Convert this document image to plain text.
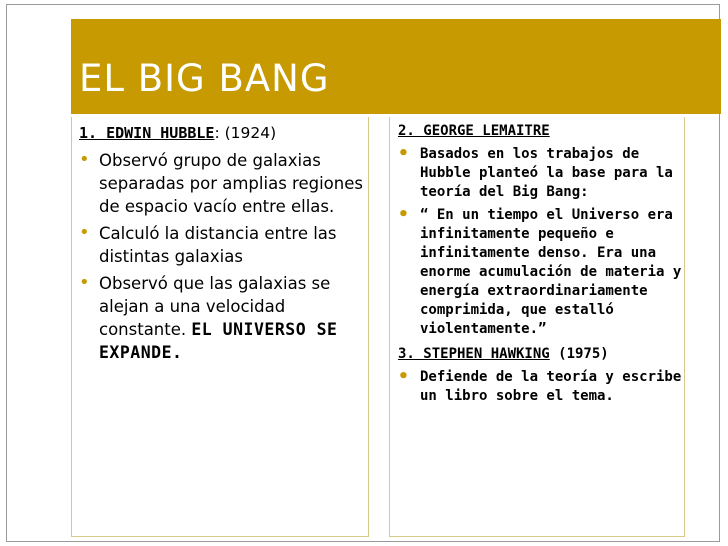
EL BIG BANG
1. EDWIN HUBBLE: (1924)
• Observó grupo de galaxias separadas por amplias regiones de espacio vacío entre ellas.
• Calculó la distancia entre las distintas galaxias
• Observó que las galaxias se alejan a una velocidad constante. EL UNIVERSO SE EXPANDE.
2. GEORGE LEMAITRE
• Basados en los trabajos de Hubble planteó la base para la teoría del Big Bang:
• “ En un tiempo el Universo era infinitamente pequeño e infinitamente denso. Era una enorme acumulación de materia y energía extraordinariamente comprimida, que estalló violentamente.”
3. STEPHEN HAWKING (1975)
• Defiende de la teoría y escribe un libro sobre el tema.
